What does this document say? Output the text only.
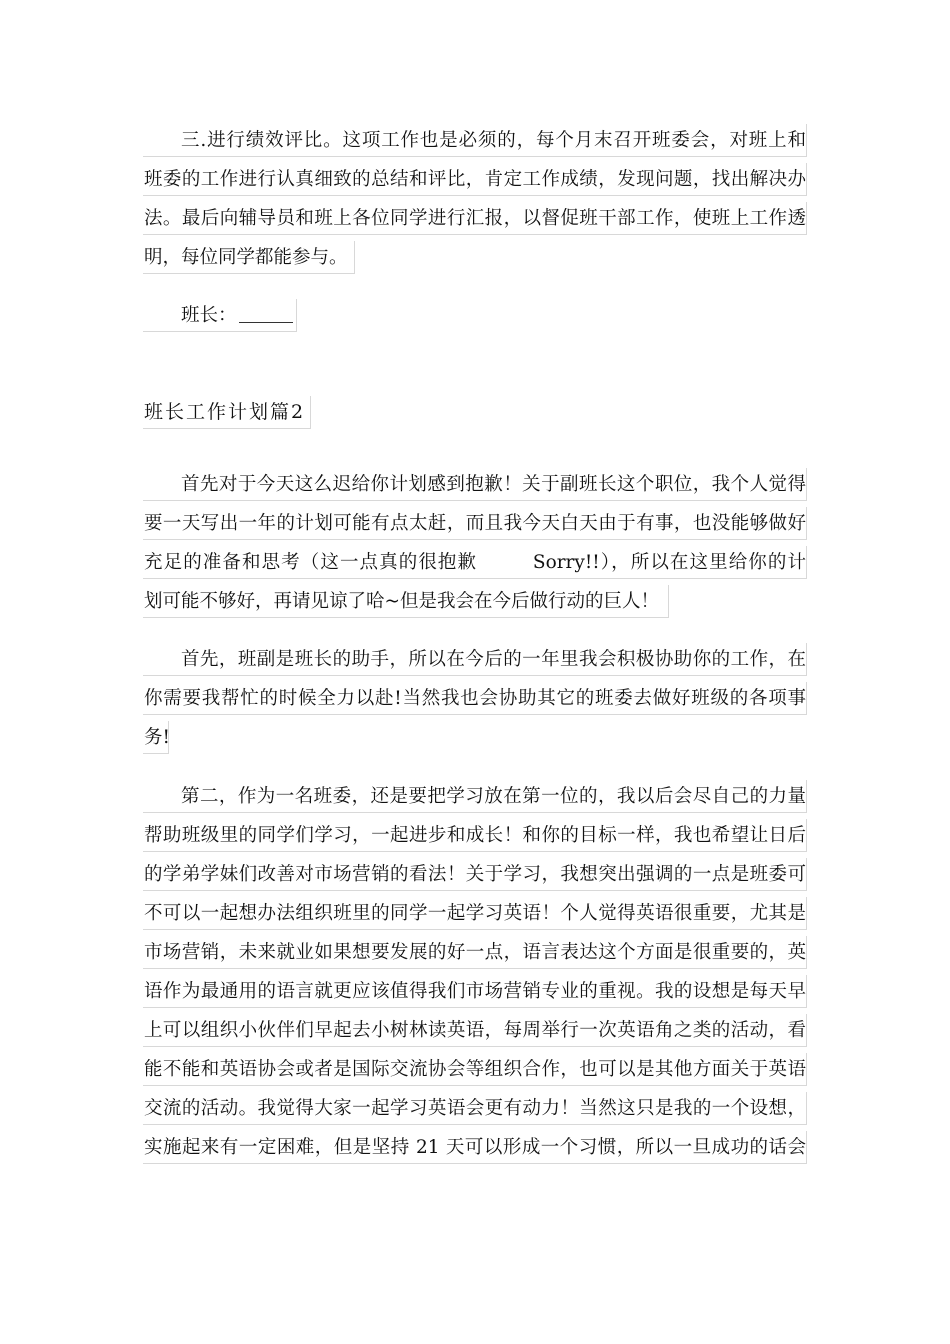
三.进行绩效评比。这项工作也是必须的，每个月末召开班委会，对班上和
班委的工作进行认真细致的总结和评比，肯定工作成绩，发现问题，找出解决办
法。最后向辅导员和班上各位同学进行汇报，以督促班干部工作，使班上工作透
明，每位同学都能参与。
班长：
班长工作计划篇2
首先对于今天这么迟给你计划感到抱歉！关于副班长这个职位，我个人觉得
要一天写出一年的计划可能有点太赶，而且我今天白天由于有事，也没能够做好
充足的准备和思考（这一点真的很抱歉        Sorry!!），所以在这里给你的计
划可能不够好，再请见谅了哈~但是我会在今后做行动的巨人！
首先，班副是班长的助手，所以在今后的一年里我会积极协助你的工作，在
你需要我帮忙的时候全力以赴!当然我也会协助其它的班委去做好班级的各项事
务!
第二，作为一名班委，还是要把学习放在第一位的，我以后会尽自己的力量
帮助班级里的同学们学习，一起进步和成长！和你的目标一样，我也希望让日后
的学弟学妹们改善对市场营销的看法！关于学习，我想突出强调的一点是班委可
不可以一起想办法组织班里的同学一起学习英语！个人觉得英语很重要，尤其是
市场营销，未来就业如果想要发展的好一点，语言表达这个方面是很重要的，英
语作为最通用的语言就更应该值得我们市场营销专业的重视。我的设想是每天早
上可以组织小伙伴们早起去小树林读英语，每周举行一次英语角之类的活动，看
能不能和英语协会或者是国际交流协会等组织合作，也可以是其他方面关于英语
交流的活动。我觉得大家一起学习英语会更有动力！当然这只是我的一个设想，
实施起来有一定困难，但是坚持 21 天可以形成一个习惯，所以一旦成功的话会
